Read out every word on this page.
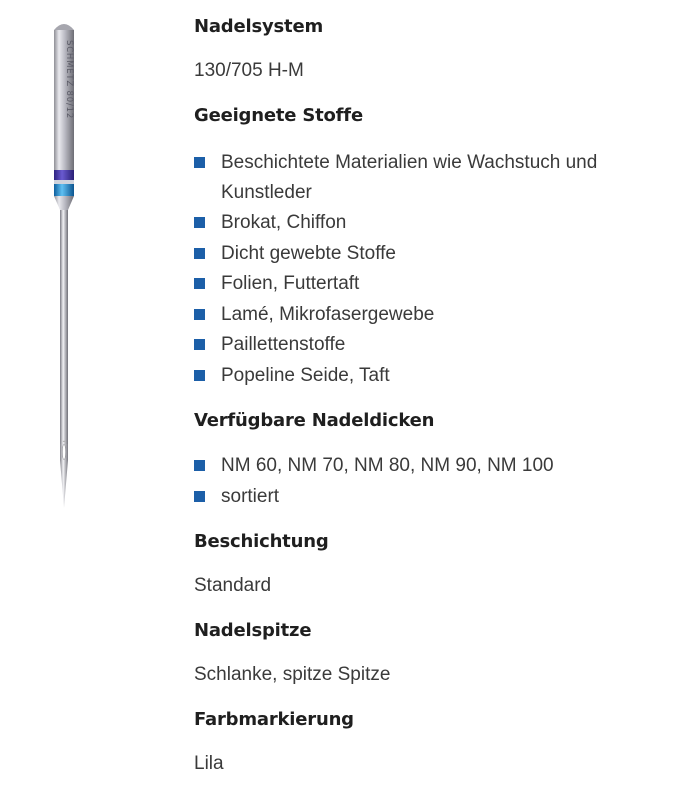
SCHMETZ 80/12
Nadelsystem

130/705 H-M

Geeignete Stoffe
Beschichtete Materialien wie Wachstuch und
Kunstleder
Brokat, Chiffon
Dicht gewebte Stoffe
Folien, Futtertaft
Lamé, Mikrofasergewebe
Paillettenstoffe
Popeline Seide, Taft
Verfügbare Nadeldicken
NM 60, NM 70, NM 80, NM 90, NM 100
sortiert
Beschichtung

Standard

Nadelspitze

Schlanke, spitze Spitze

Farbmarkierung

Lila
